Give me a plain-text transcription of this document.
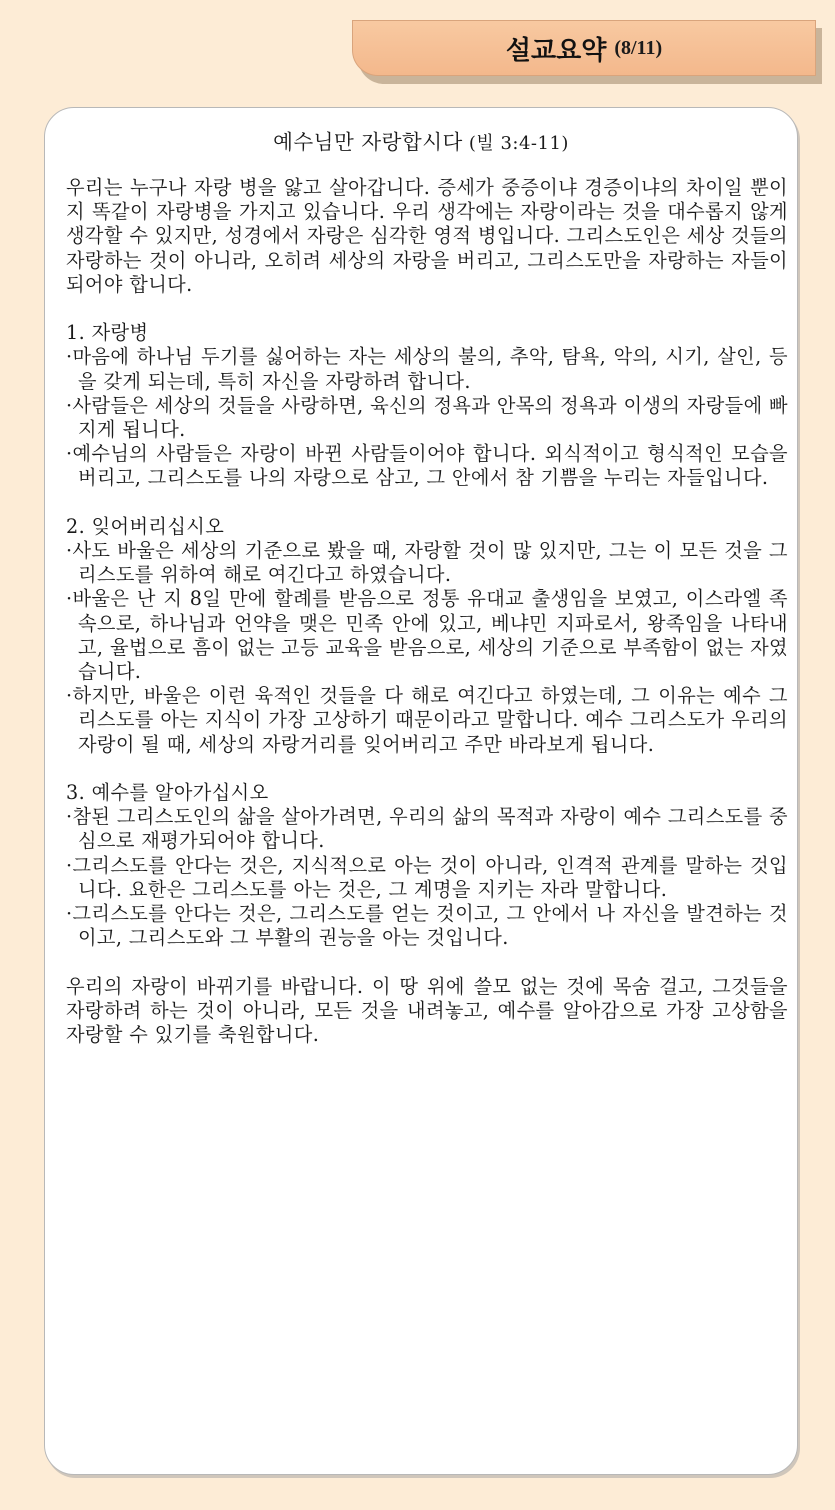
설교요약 (8/11)
예수님만 자랑합시다 (빌 3:4-11)

우리는 누구나 자랑 병을 앓고 살아갑니다. 증세가 중증이냐 경증이냐의 차이일 뿐이지 똑같이 자랑병을 가지고 있습니다. 우리 생각에는 자랑이라는 것을 대수롭지 않게 생각할 수 있지만, 성경에서 자랑은 심각한 영적 병입니다. 그리스도인은 세상 것들의 자랑하는 것이 아니라, 오히려 세상의 자랑을 버리고, 그리스도만을 자랑하는 자들이 되어야 합니다.

1. 자랑병

·마음에 하나님 두기를 싫어하는 자는 세상의 불의, 추악, 탐욕, 악의, 시기, 살인, 등을 갖게 되는데, 특히 자신을 자랑하려 합니다.

·사람들은 세상의 것들을 사랑하면, 육신의 정욕과 안목의 정욕과 이생의 자랑들에 빠지게 됩니다.

·예수님의 사람들은 자랑이 바뀐 사람들이어야 합니다. 외식적이고 형식적인 모습을 버리고, 그리스도를 나의 자랑으로 삼고, 그 안에서 참 기쁨을 누리는 자들입니다.

2. 잊어버리십시오

·사도 바울은 세상의 기준으로 봤을 때, 자랑할 것이 많 있지만, 그는 이 모든 것을 그리스도를 위하여 해로 여긴다고 하였습니다.

·바울은 난 지 8일 만에 할례를 받음으로 정통 유대교 출생임을 보였고, 이스라엘 족속으로, 하나님과 언약을 맺은 민족 안에 있고, 베냐민 지파로서, 왕족임을 나타내고, 율법으로 흠이 없는 고등 교육을 받음으로, 세상의 기준으로 부족함이 없는 자였습니다.

·하지만, 바울은 이런 육적인 것들을 다 해로 여긴다고 하였는데, 그 이유는 예수 그리스도를 아는 지식이 가장 고상하기 때문이라고 말합니다. 예수 그리스도가 우리의 자랑이 될 때, 세상의 자랑거리를 잊어버리고 주만 바라보게 됩니다.

3. 예수를 알아가십시오

·참된 그리스도인의 삶을 살아가려면, 우리의 삶의 목적과 자랑이 예수 그리스도를 중심으로 재평가되어야 합니다.

·그리스도를 안다는 것은, 지식적으로 아는 것이 아니라, 인격적 관계를 말하는 것입니다. 요한은 그리스도를 아는 것은, 그 계명을 지키는 자라 말합니다.

·그리스도를 안다는 것은, 그리스도를 얻는 것이고, 그 안에서 나 자신을 발견하는 것이고, 그리스도와 그 부활의 권능을 아는 것입니다.

우리의 자랑이 바뀌기를 바랍니다. 이 땅 위에 쓸모 없는 것에 목숨 걸고, 그것들을 자랑하려 하는 것이 아니라, 모든 것을 내려놓고, 예수를 알아감으로 가장 고상함을 자랑할 수 있기를 축원합니다.
